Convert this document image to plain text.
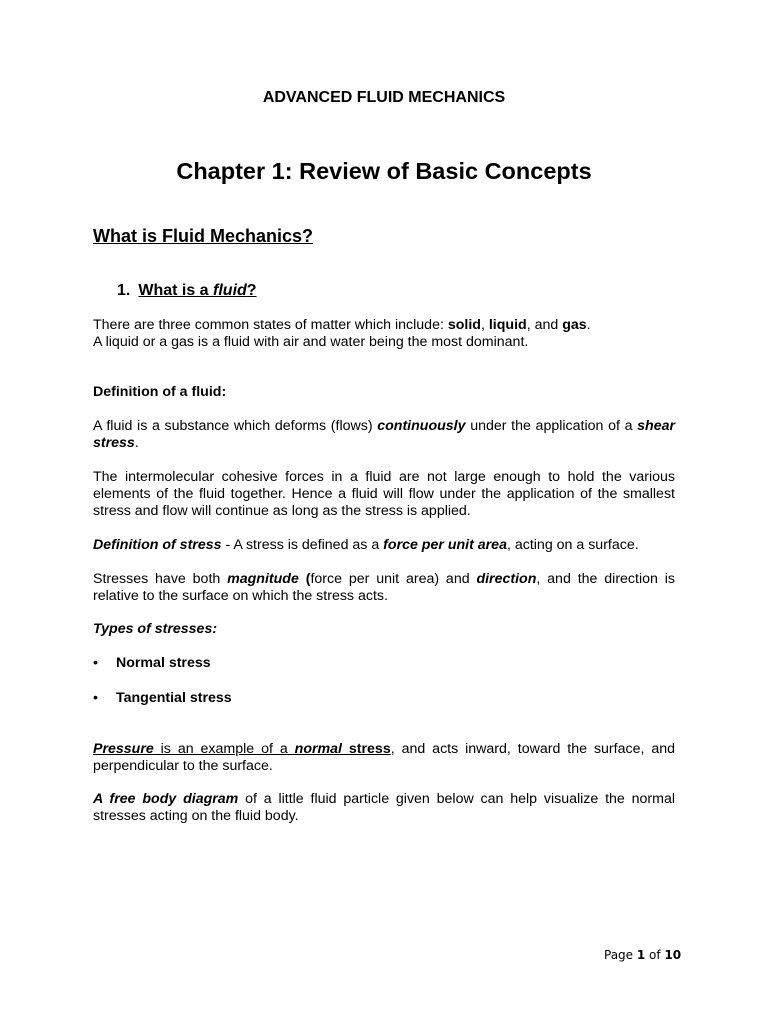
ADVANCED FLUID MECHANICS
Chapter 1: Review of Basic Concepts
What is Fluid Mechanics?
1. What is a fluid?
There are three common states of matter which include: solid, liquid, and gas.
A liquid or a gas is a fluid with air and water being the most dominant.
Definition of a fluid:
A fluid is a substance which deforms (flows) continuously under the application of a shear stress.
The intermolecular cohesive forces in a fluid are not large enough to hold the various elements of the fluid together. Hence a fluid will flow under the application of the smallest stress and flow will continue as long as the stress is applied.
Definition of stress - A stress is defined as a force per unit area, acting on a surface.
Stresses have both magnitude (force per unit area) and direction, and the direction is relative to the surface on which the stress acts.
Types of stresses:
• Normal stress
• Tangential stress
Pressure is an example of a normal stress, and acts inward, toward the surface, and perpendicular to the surface.
A free body diagram of a little fluid particle given below can help visualize the normal stresses acting on the fluid body.
Page 1 of 10
